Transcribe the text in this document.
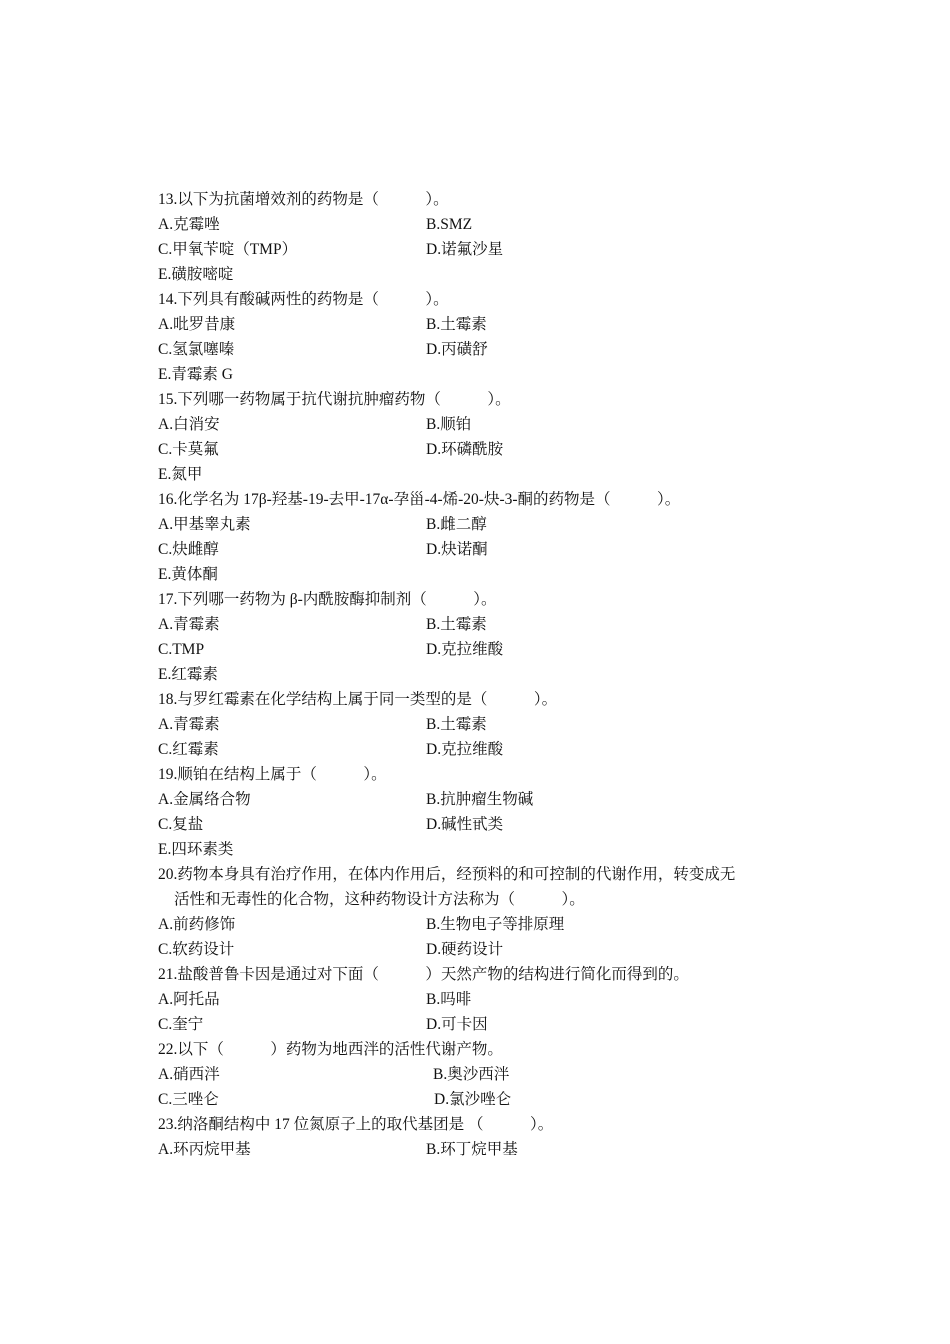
13.以下为抗菌增效剂的药物是（　　　）。
A.克霉唑	B.SMZ
C.甲氧苄啶（TMP）	D.诺氟沙星
E.磺胺嘧啶
14.下列具有酸碱两性的药物是（　　　）。
A.吡罗昔康	B.土霉素
C.氢氯噻嗪	D.丙磺舒
E.青霉素 G
15.下列哪一药物属于抗代谢抗肿瘤药物（　　　）。
A.白消安	B.顺铂
C.卡莫氟	D.环磷酰胺
E.氮甲
16.化学名为 17β-羟基-19-去甲-17α-孕甾-4-烯-20-炔-3-酮的药物是（　　　）。
A.甲基睾丸素	B.雌二醇
C.炔雌醇	D.炔诺酮
E.黄体酮
17.下列哪一药物为 β-内酰胺酶抑制剂（　　　）。
A.青霉素	B.土霉素
C.TMP	D.克拉维酸
E.红霉素
18.与罗红霉素在化学结构上属于同一类型的是（　　　）。
A.青霉素	B.土霉素
C.红霉素	D.克拉维酸
19.顺铂在结构上属于（　　　）。
A.金属络合物	B.抗肿瘤生物碱
C.复盐	D.碱性甙类
E.四环素类
20.药物本身具有治疗作用，在体内作用后，经预料的和可控制的代谢作用，转变成无
活性和无毒性的化合物，这种药物设计方法称为（　　　）。
A.前药修饰	B.生物电子等排原理
C.软药设计	D.硬药设计
21.盐酸普鲁卡因是通过对下面（　　　）天然产物的结构进行简化而得到的。
A.阿托品	B.吗啡
C.奎宁	D.可卡因
22.以下（　　　）药物为地西泮的活性代谢产物。
A.硝西泮	B.奥沙西泮
C.三唑仑	D.氯沙唑仑
23.纳洛酮结构中 17 位氮原子上的取代基团是 （　　　）。
A.环丙烷甲基	B.环丁烷甲基
